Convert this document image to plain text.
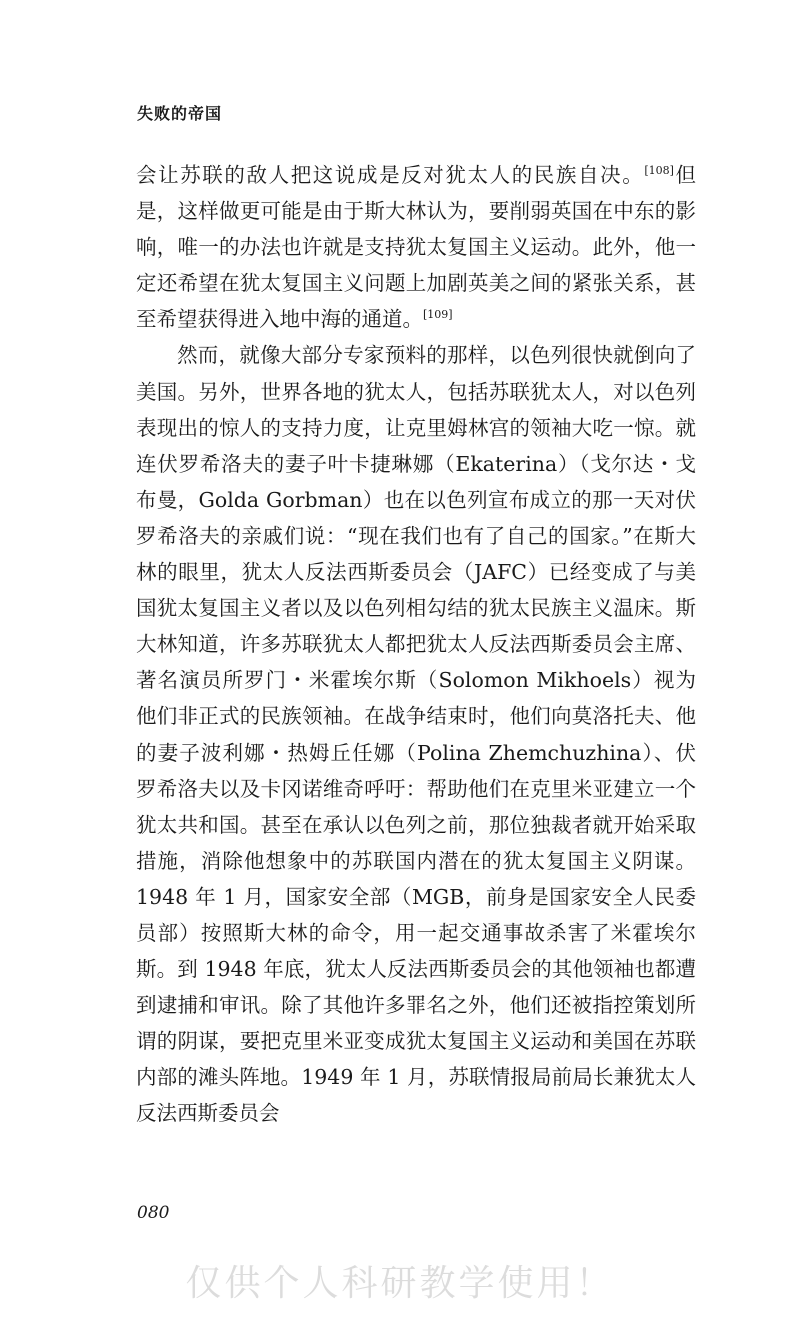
失败的帝国

会让苏联的敌人把这说成是反对犹太人的民族自决。[108]但是，这样做更可能是由于斯大林认为，要削弱英国在中东的影响，唯一的办法也许就是支持犹太复国主义运动。此外，他一定还希望在犹太复国主义问题上加剧英美之间的紧张关系，甚至希望获得进入地中海的通道。[109]

然而，就像大部分专家预料的那样，以色列很快就倒向了美国。另外，世界各地的犹太人，包括苏联犹太人，对以色列表现出的惊人的支持力度，让克里姆林宫的领袖大吃一惊。就连伏罗希洛夫的妻子叶卡捷琳娜（Ekaterina）（戈尔达・戈布曼，Golda Gorbman）也在以色列宣布成立的那一天对伏罗希洛夫的亲戚们说：“现在我们也有了自己的国家。”在斯大林的眼里，犹太人反法西斯委员会（JAFC）已经变成了与美国犹太复国主义者以及以色列相勾结的犹太民族主义温床。斯大林知道，许多苏联犹太人都把犹太人反法西斯委员会主席、著名演员所罗门・米霍埃尔斯（Solomon Mikhoels）视为他们非正式的民族领袖。在战争结束时，他们向莫洛托夫、他的妻子波利娜・热姆丘任娜（Polina Zhemchuzhina）、伏罗希洛夫以及卡冈诺维奇呼吁：帮助他们在克里米亚建立一个犹太共和国。甚至在承认以色列之前，那位独裁者就开始采取措施，消除他想象中的苏联国内潜在的犹太复国主义阴谋。1948 年 1 月，国家安全部（MGB，前身是国家安全人民委员部）按照斯大林的命令，用一起交通事故杀害了米霍埃尔斯。到 1948 年底，犹太人反法西斯委员会的其他领袖也都遭到逮捕和审讯。除了其他许多罪名之外，他们还被指控策划所谓的阴谋，要把克里米亚变成犹太复国主义运动和美国在苏联内部的滩头阵地。1949 年 1 月，苏联情报局前局长兼犹太人反法西斯委员会

080
仅供个人科研教学使用！
